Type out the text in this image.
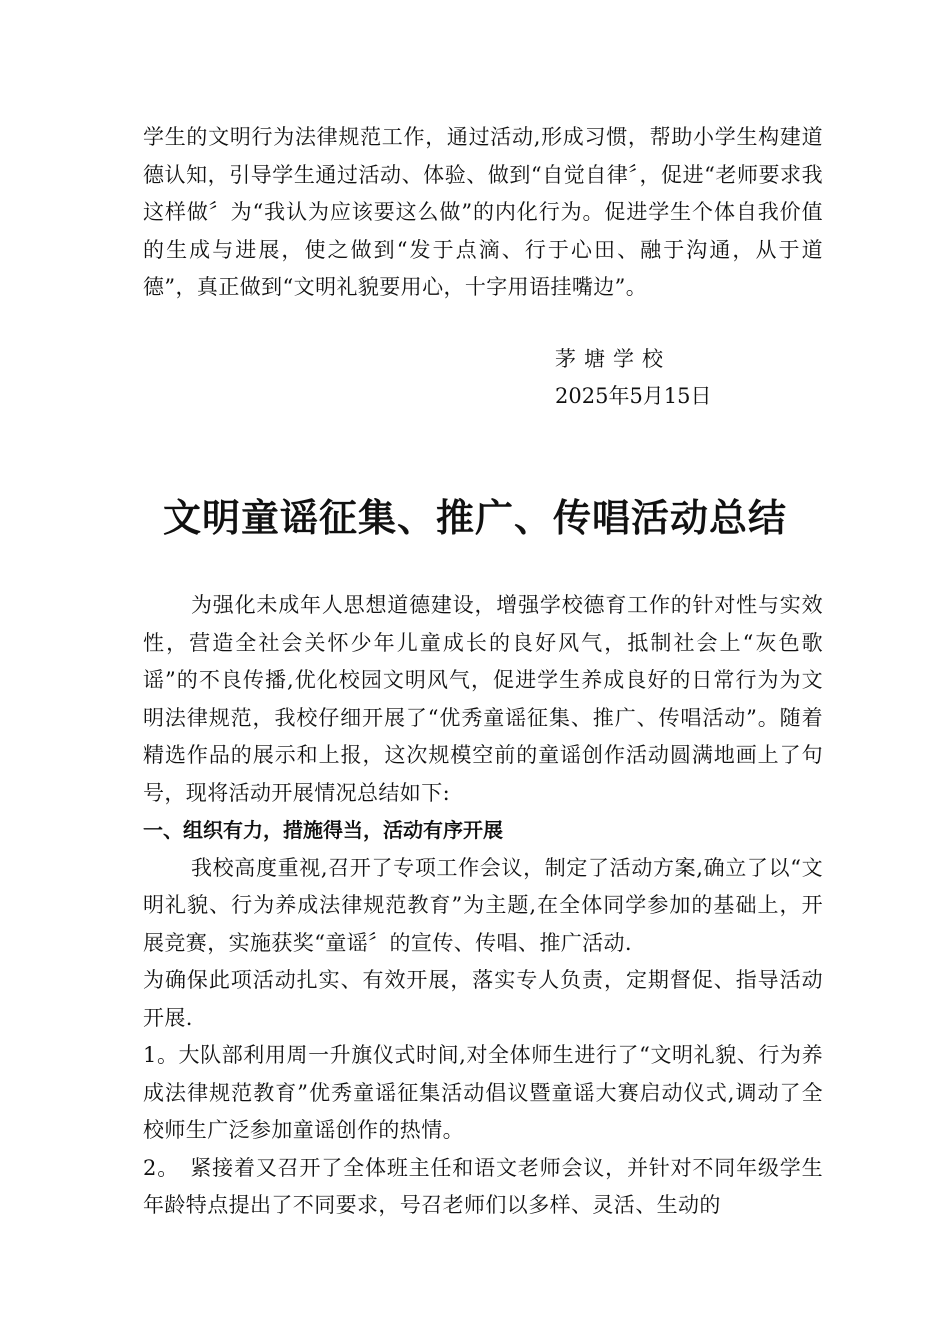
学生的文明行为法律规范工作，通过活动,形成习惯，帮助小学生构建道德认知，引导学生通过活动、体验、做到“自觉自律〞，促进“老师要求我这样做〞为“我认为应该要这么做”的内化行为。促进学生个体自我价值的生成与进展，使之做到“发于点滴、行于心田、融于沟通，从于道德”，真正做到“文明礼貌要用心，十字用语挂嘴边”。

茅塘学校
2025年5月15日
文明童谣征集、推广、传唱活动总结

为强化未成年人思想道德建设，增强学校德育工作的针对性与实效性，营造全社会关怀少年儿童成长的良好风气，抵制社会上“灰色歌谣”的不良传播,优化校园文明风气，促进学生养成良好的日常行为为文明法律规范，我校仔细开展了“优秀童谣征集、推广、传唱活动”。随着精选作品的展示和上报，这次规模空前的童谣创作活动圆满地画上了句号，现将活动开展情况总结如下:

一、组织有力，措施得当，活动有序开展

我校高度重视,召开了专项工作会议，制定了活动方案,确立了以“文明礼貌、行为养成法律规范教育”为主题,在全体同学参加的基础上，开展竞赛，实施获奖“童谣〞的宣传、传唱、推广活动.

为确保此项活动扎实、有效开展，落实专人负责，定期督促、指导活动开展.

1。大队部利用周一升旗仪式时间,对全体师生进行了“文明礼貌、行为养成法律规范教育”优秀童谣征集活动倡议暨童谣大赛启动仪式,调动了全校师生广泛参加童谣创作的热情。

2。　紧接着又召开了全体班主任和语文老师会议，并针对不同年级学生年龄特点提出了不同要求，号召老师们以多样、灵活、生动的
